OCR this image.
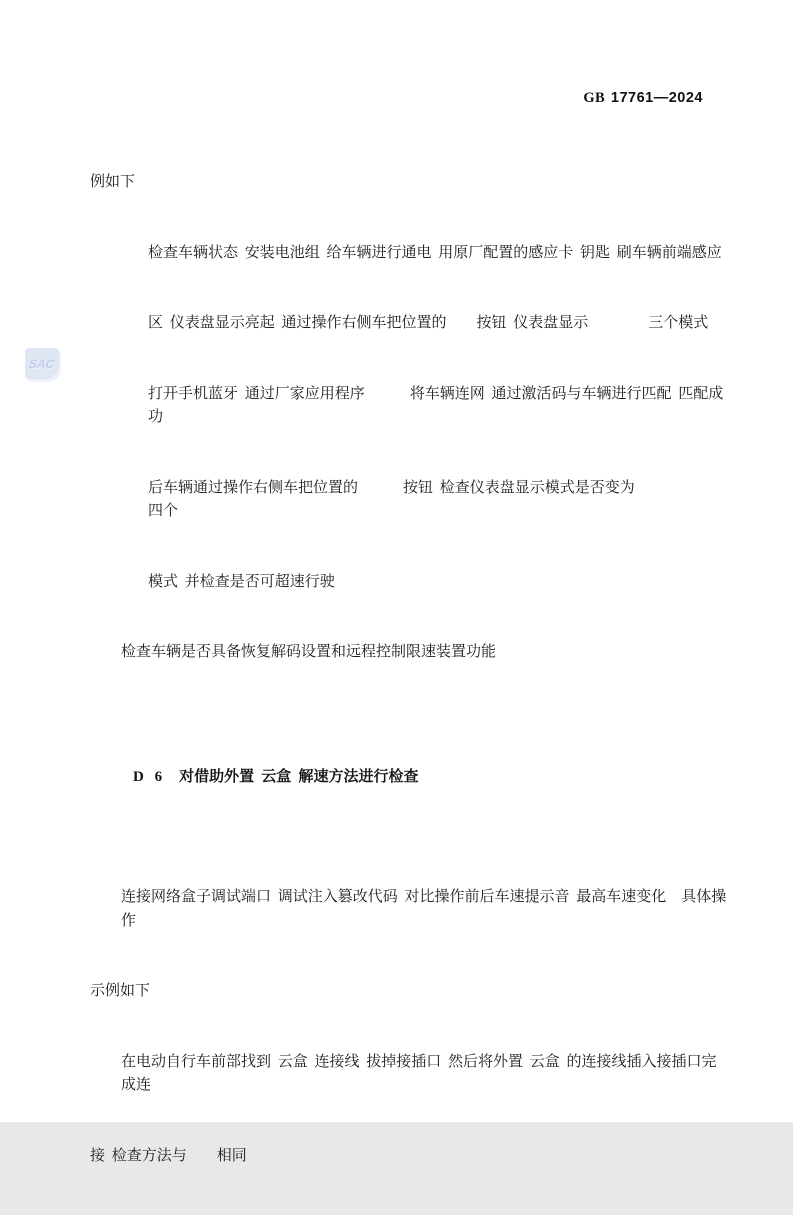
GB 17761—2024
SAC

例如下

检查车辆状态 安装电池组 给车辆进行通电 用原厂配置的感应卡 钥匙 刷车辆前端感应

区 仪表盘显示亮起 通过操作右侧车把位置的　　按钮 仪表盘显示　　　　三个模式

打开手机蓝牙 通过厂家应用程序　　　将车辆连网 通过激活码与车辆进行匹配 匹配成功

后车辆通过操作右侧车把位置的　　　按钮 检查仪表盘显示模式是否变为　　　　　　四个

模式 并检查是否可超速行驶

检查车辆是否具备恢复解码设置和远程控制限速装置功能

D 6 对借助外置 云盒 解速方法进行检查

连接网络盒子调试端口 调试注入篡改代码 对比操作前后车速提示音 最高车速变化　具体操作

示例如下

在电动自行车前部找到 云盒 连接线 拔掉接插口 然后将外置 云盒 的连接线插入接插口完成连

接 检查方法与　　相同
